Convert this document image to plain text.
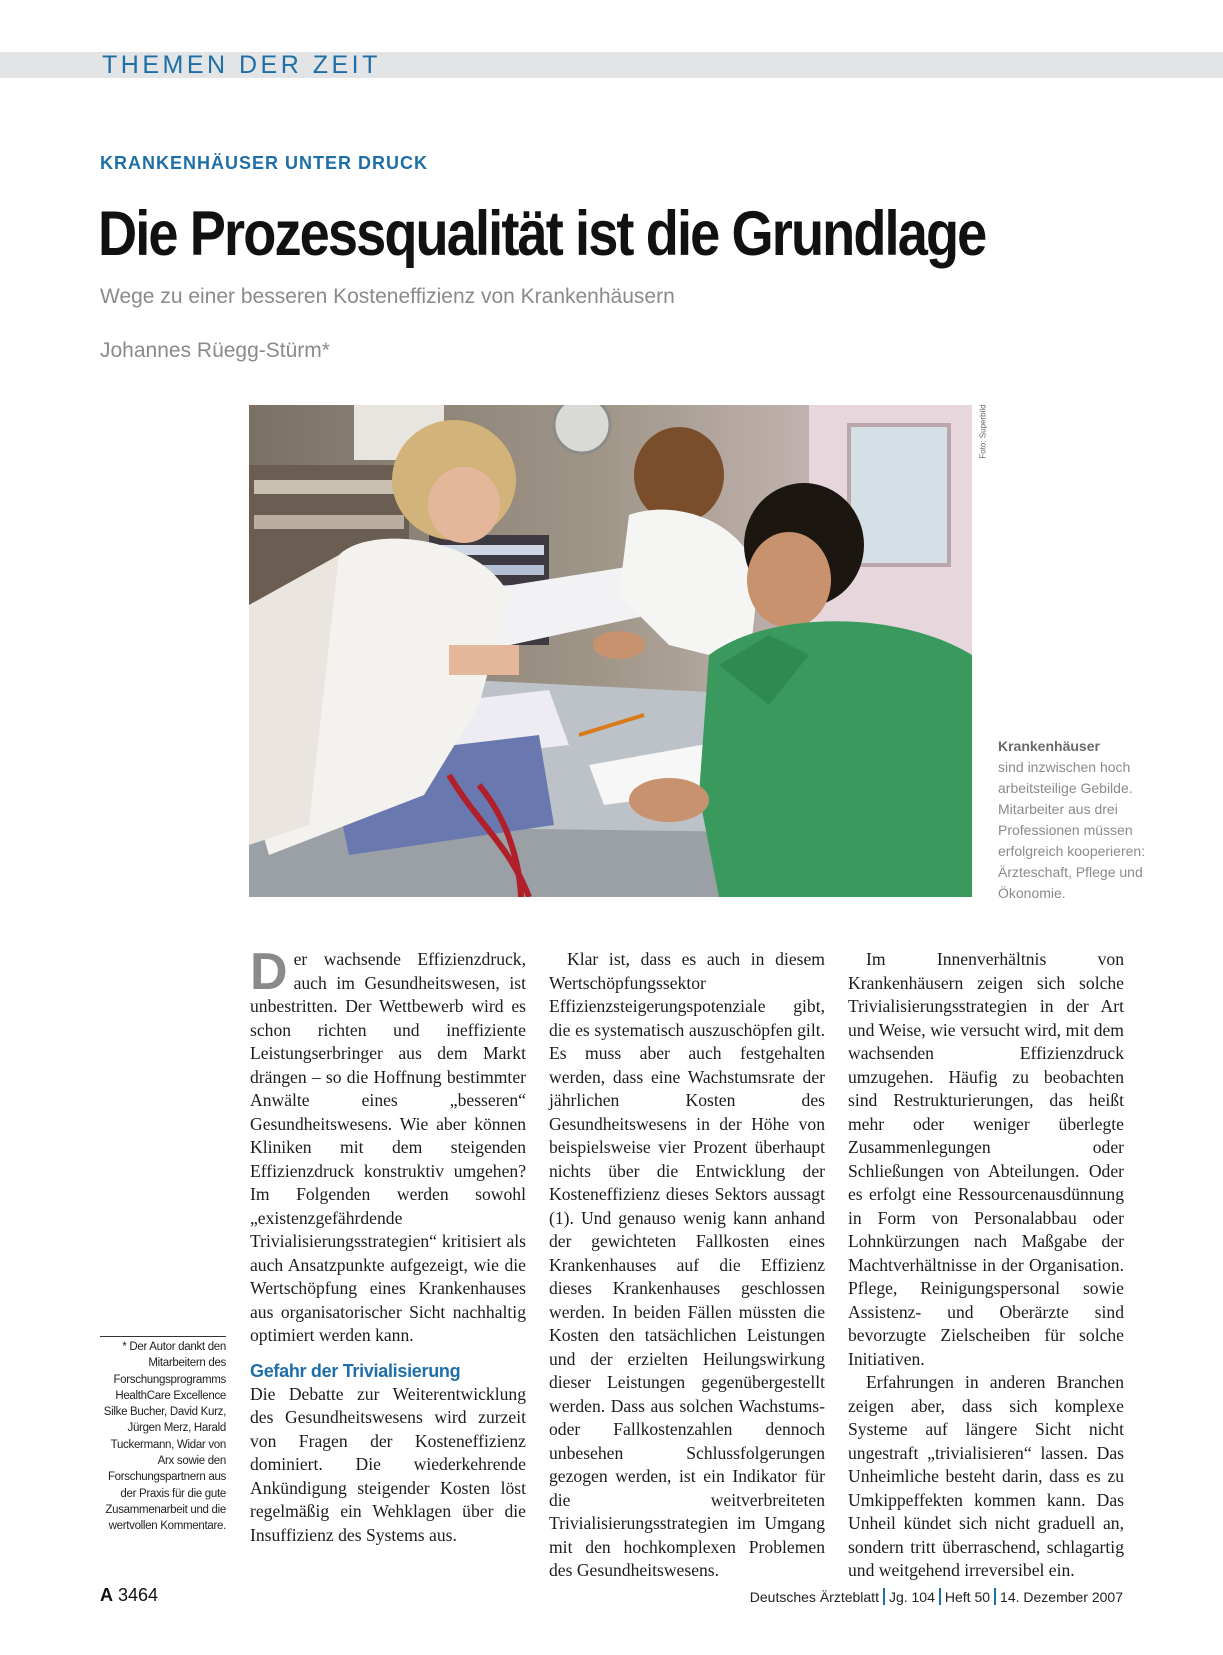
THEMEN DER ZEIT
KRANKENHÄUSER UNTER DRUCK
Die Prozessqualität ist die Grundlage
Wege zu einer besseren Kosteneffizienz von Krankenhäusern
Johannes Rüegg-Stürm*
Foto: Superbild
Krankenhäuser
sind inzwischen hoch arbeitsteilige Gebilde. Mitarbeiter aus drei Professionen müssen erfolgreich kooperieren: Ärzteschaft, Pflege und Ökonomie.
* Der Autor dankt den Mitarbeitern des Forschungsprogramms HealthCare Excellence Silke Bucher, David Kurz, Jürgen Merz, Harald Tuckermann, Widar von Arx sowie den Forschungspartnern aus der Praxis für die gute Zusammenarbeit und die wertvollen Kommentare.

Der wachsende Effizienzdruck, auch im Gesundheitswesen, ist unbestritten. Der Wettbewerb wird es schon richten und ineffiziente Leistungserbringer aus dem Markt drängen – so die Hoffnung bestimmter Anwälte eines „besseren“ Gesundheitswesens. Wie aber können Kliniken mit dem steigenden Effizienzdruck konstruktiv umgehen? Im Folgenden werden sowohl „existenzgefährdende Trivialisierungsstrategien“ kritisiert als auch Ansatzpunkte aufgezeigt, wie die Wertschöpfung eines Krankenhauses aus organisatorischer Sicht nachhaltig optimiert werden kann.

Gefahr der Trivialisierung

Die Debatte zur Weiterentwicklung des Gesundheitswesens wird zurzeit von Fragen der Kosteneffizienz dominiert. Die wiederkehrende Ankündigung steigender Kosten löst regelmäßig ein Wehklagen über die Insuffizienz des Systems aus.

Klar ist, dass es auch in diesem Wertschöpfungssektor Effizienzsteigerungspotenziale gibt, die es systematisch auszuschöpfen gilt. Es muss aber auch festgehalten werden, dass eine Wachstumsrate der jährlichen Kosten des Gesundheitswesens in der Höhe von beispielsweise vier Prozent überhaupt nichts über die Entwicklung der Kosteneffizienz dieses Sektors aussagt (1). Und genauso wenig kann anhand der gewichteten Fallkosten eines Krankenhauses auf die Effizienz dieses Krankenhauses geschlossen werden. In beiden Fällen müssten die Kosten den tatsächlichen Leistungen und der erzielten Heilungswirkung dieser Leistungen gegenübergestellt werden. Dass aus solchen Wachstums- oder Fallkostenzahlen dennoch unbesehen Schlussfolgerungen gezogen werden, ist ein Indikator für die weitverbreiteten Trivialisierungsstrategien im Umgang mit den hochkomplexen Problemen des Gesundheitswesens.

Im Innenverhältnis von Krankenhäusern zeigen sich solche Trivialisierungsstrategien in der Art und Weise, wie versucht wird, mit dem wachsenden Effizienzdruck umzugehen. Häufig zu beobachten sind Restrukturierungen, das heißt mehr oder weniger überlegte Zusammenlegungen oder Schließungen von Abteilungen. Oder es erfolgt eine Ressourcenausdünnung in Form von Personalabbau oder Lohnkürzungen nach Maßgabe der Machtverhältnisse in der Organisation. Pflege, Reinigungspersonal sowie Assistenz- und Oberärzte sind bevorzugte Zielscheiben für solche Initiativen.

Erfahrungen in anderen Branchen zeigen aber, dass sich komplexe Systeme auf längere Sicht nicht ungestraft „trivialisieren“ lassen. Das Unheimliche besteht darin, dass es zu Umkippeffekten kommen kann. Das Unheil kündet sich nicht graduell an, sondern tritt überraschend, schlagartig und weitgehend irreversibel ein.

A 3464	Deutsches Ärzteblatt Jg. 104 Heft 50 14. Dezember 2007
